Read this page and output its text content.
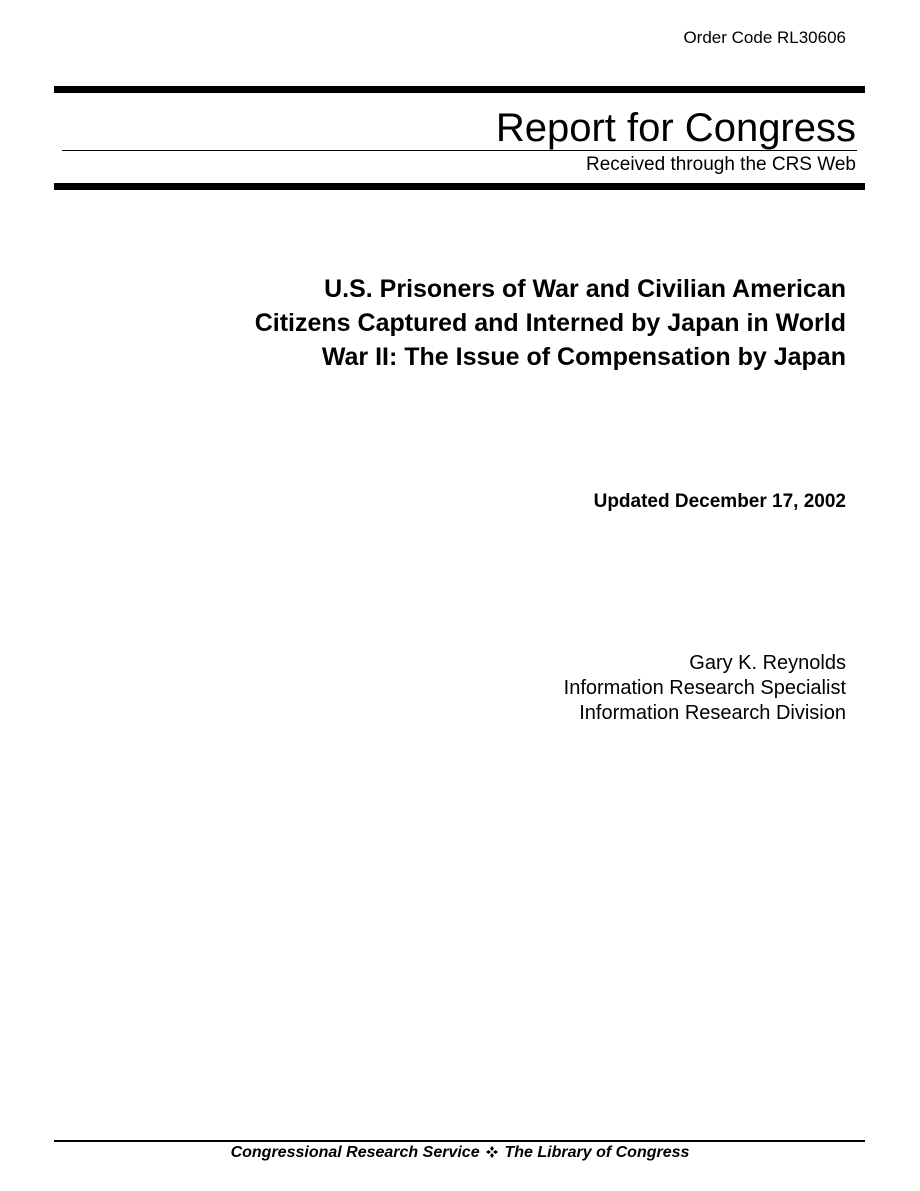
Order Code RL30606
Report for Congress
Received through the CRS Web
U.S. Prisoners of War and Civilian American
Citizens Captured and Interned by Japan in World
War II: The Issue of Compensation by Japan
Updated December 17, 2002
Gary K. Reynolds
Information Research Specialist
Information Research Division
Congressional Research Service The Library of Congress
